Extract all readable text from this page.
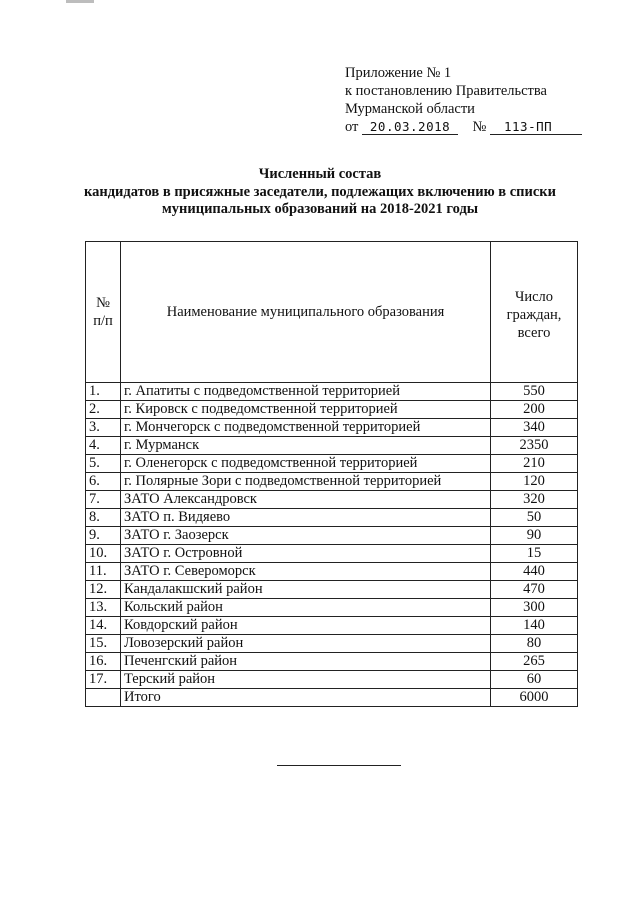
Приложение № 1
к постановлению Правительства
Мурманской области
от 20.03.2018 № 113-ПП
Численный состав
кандидатов в присяжные заседатели, подлежащих включению в списки
муниципальных образований на 2018-2021 годы
№ п/п	Наименование муниципального образования	Число граждан, всего
1.	г. Апатиты с подведомственной территорией	550
2.	г. Кировск с подведомственной территорией	200
3.	г. Мончегорск с подведомственной территорией	340
4.	г. Мурманск	2350
5.	г. Оленегорск с подведомственной территорией	210
6.	г. Полярные Зори с подведомственной территорией	120
7.	ЗАТО Александровск	320
8.	ЗАТО п. Видяево	50
9.	ЗАТО г. Заозерск	90
10.	ЗАТО г. Островной	15
11.	ЗАТО г. Североморск	440
12.	Кандалакшский район	470
13.	Кольский район	300
14.	Ковдорский район	140
15.	Ловозерский район	80
16.	Печенгский район	265
17.	Терский район	60
	Итого	6000
